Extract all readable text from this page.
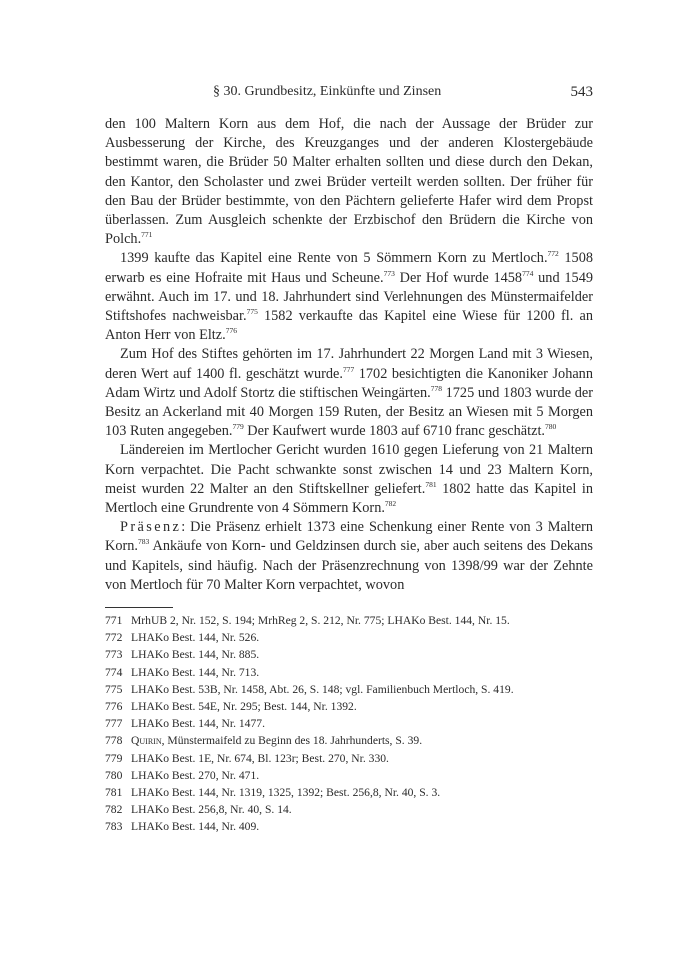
§ 30. Grundbesitz, Einkünfte und Zinsen	543

den 100 Maltern Korn aus dem Hof, die nach der Aussage der Brüder zur Ausbesserung der Kirche, des Kreuzganges und der anderen Klostergebäude bestimmt waren, die Brüder 50 Malter erhalten sollten und diese durch den Dekan, den Kantor, den Scholaster und zwei Brüder verteilt werden sollten. Der früher für den Bau der Brüder bestimmte, von den Pächtern gelieferte Hafer wird dem Propst überlassen. Zum Ausgleich schenkte der Erzbischof den Brüdern die Kirche von Polch.$^{771}$

1399 kaufte das Kapitel eine Rente von 5 Sömmern Korn zu Mertloch.$^{772}$ 1508 erwarb es eine Hofraite mit Haus und Scheune.$^{773}$ Der Hof wurde 1458$^{774}$ und 1549 erwähnt. Auch im 17. und 18. Jahrhundert sind Verlehnungen des Münstermaifelder Stiftshofes nachweisbar.$^{775}$ 1582 verkaufte das Kapitel eine Wiese für 1200 fl. an Anton Herr von Eltz.$^{776}$

Zum Hof des Stiftes gehörten im 17. Jahrhundert 22 Morgen Land mit 3 Wiesen, deren Wert auf 1400 fl. geschätzt wurde.$^{777}$ 1702 besichtigten die Kanoniker Johann Adam Wirtz und Adolf Stortz die stiftischen Weingärten.$^{778}$ 1725 und 1803 wurde der Besitz an Ackerland mit 40 Morgen 159 Ruten, der Besitz an Wiesen mit 5 Morgen 103 Ruten angegeben.$^{779}$ Der Kaufwert wurde 1803 auf 6710 franc geschätzt.$^{780}$

Ländereien im Mertlocher Gericht wurden 1610 gegen Lieferung von 21 Maltern Korn verpachtet. Die Pacht schwankte sonst zwischen 14 und 23 Maltern Korn, meist wurden 22 Malter an den Stiftskellner geliefert.$^{781}$ 1802 hatte das Kapitel in Mertloch eine Grundrente von 4 Sömmern Korn.$^{782}$

Präsenz: Die Präsenz erhielt 1373 eine Schenkung einer Rente von 3 Maltern Korn.$^{783}$ Ankäufe von Korn- und Geldzinsen durch sie, aber auch seitens des Dekans und Kapitels, sind häufig. Nach der Präsenzrechnung von 1398/99 war der Zehnte von Mertloch für 70 Malter Korn verpachtet, wovon

771 MrhUB 2, Nr. 152, S. 194; MrhReg 2, S. 212, Nr. 775; LHAKo Best. 144, Nr. 15.
772 LHAKo Best. 144, Nr. 526.
773 LHAKo Best. 144, Nr. 885.
774 LHAKo Best. 144, Nr. 713.
775 LHAKo Best. 53B, Nr. 1458, Abt. 26, S. 148; vgl. Familienbuch Mertloch, S. 419.
776 LHAKo Best. 54E, Nr. 295; Best. 144, Nr. 1392.
777 LHAKo Best. 144, Nr. 1477.
778 Quirin, Münstermaifeld zu Beginn des 18. Jahrhunderts, S. 39.
779 LHAKo Best. 1E, Nr. 674, Bl. 123r; Best. 270, Nr. 330.
780 LHAKo Best. 270, Nr. 471.
781 LHAKo Best. 144, Nr. 1319, 1325, 1392; Best. 256,8, Nr. 40, S. 3.
782 LHAKo Best. 256,8, Nr. 40, S. 14.
783 LHAKo Best. 144, Nr. 409.
